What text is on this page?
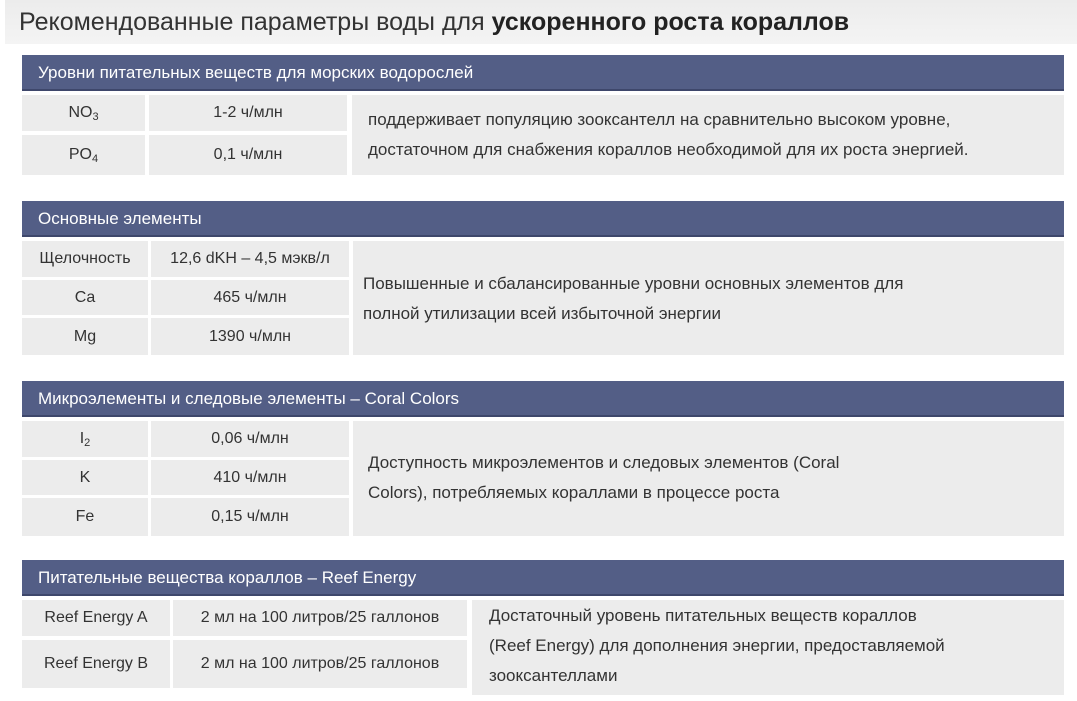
Рекомендованные параметры воды для ускоренного роста кораллов
Уровни питательных веществ для морских водорослей
$NO_3$	1-2 ч/млн
$PO_4$	0,1 ч/млн
поддерживает популяцию зооксантелл на сравнительно высоком уровне,
достаточном для снабжения кораллов необходимой для их роста энергией.
Основные элементы
Щелочность	12,6 dKH – 4,5 мэкв/л
Ca	465 ч/млн
Mg	1390 ч/млн
Повышенные и сбалансированные уровни основных элементов для
полной утилизации всей избыточной энергии
Микроэлементы и следовые элементы – Coral Colors
$I_2$	0,06 ч/млн
K	410 ч/млн
Fe	0,15 ч/млн
Доступность микроэлементов и следовых элементов (Coral
Colors), потребляемых кораллами в процессе роста
Питательные вещества кораллов – Reef Energy
Reef Energy A	2 мл на 100 литров/25 галлонов
Reef Energy B	2 мл на 100 литров/25 галлонов
Достаточный уровень питательных веществ кораллов
(Reef Energy) для дополнения энергии, предоставляемой
зооксантеллами
